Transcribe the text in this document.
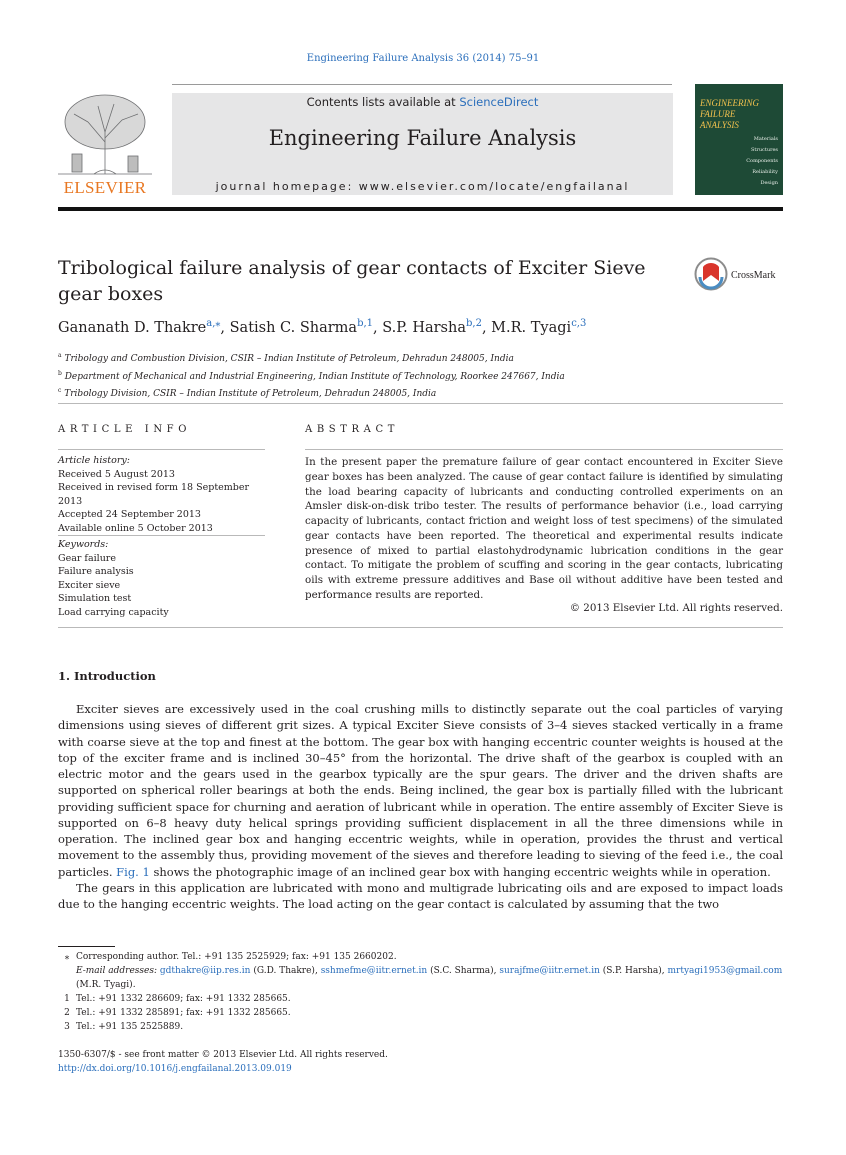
Engineering Failure Analysis 36 (2014) 75–91
ELSEVIER
Contents lists available at ScienceDirect
Engineering Failure Analysis
journal homepage: www.elsevier.com/locate/engfailanal
ENGINEERING
FAILURE
ANALYSIS
Materials
Structures
Components
Reliability
Design
Tribological failure analysis of gear contacts of Exciter Sieve gear boxes
CrossMark
Gananath D. Thakre$^{a,⁎}$, Satish C. Sharma$^{b,1}$, S.P. Harsha$^{b,2}$, M.R. Tyagi$^{c,3}$
$^a$ Tribology and Combustion Division, CSIR – Indian Institute of Petroleum, Dehradun 248005, India
$^b$ Department of Mechanical and Industrial Engineering, Indian Institute of Technology, Roorkee 247667, India
$^c$ Tribology Division, CSIR – Indian Institute of Petroleum, Dehradun 248005, India
ARTICLE INFO
Article history:
Received 5 August 2013
Received in revised form 18 September 2013
Accepted 24 September 2013
Available online 5 October 2013
Keywords:
Gear failure
Failure analysis
Exciter sieve
Simulation test
Load carrying capacity
ABSTRACT
In the present paper the premature failure of gear contact encountered in Exciter Sieve gear boxes has been analyzed. The cause of gear contact failure is identified by simulating the load bearing capacity of lubricants and conducting controlled experiments on an Amsler disk-on-disk tribo tester. The results of performance behavior (i.e., load carrying capacity of lubricants, contact friction and weight loss of test specimens) of the simulated gear contacts have been reported. The theoretical and experimental results indicate presence of mixed to partial elastohydrodynamic lubrication conditions in the gear contact. To mitigate the problem of scuffing and scoring in the gear contacts, lubricating oils with extreme pressure additives and Base oil without additive have been tested and performance results are reported.
© 2013 Elsevier Ltd. All rights reserved.
1. Introduction

Exciter sieves are excessively used in the coal crushing mills to distinctly separate out the coal particles of varying dimensions using sieves of different grit sizes. A typical Exciter Sieve consists of 3–4 sieves stacked vertically in a frame with coarse sieve at the top and finest at the bottom. The gear box with hanging eccentric counter weights is housed at the top of the exciter frame and is inclined 30–45° from the horizontal. The drive shaft of the gearbox is coupled with an electric motor and the gears used in the gearbox typically are the spur gears. The driver and the driven shafts are supported on spherical roller bearings at both the ends. Being inclined, the gear box is partially filled with the lubricant providing sufficient space for churning and aeration of lubricant while in operation. The entire assembly of Exciter Sieve is supported on 6–8 heavy duty helical springs providing sufficient displacement in all the three dimensions while in operation. The inclined gear box and hanging eccentric weights, while in operation, provides the thrust and vertical movement to the assembly thus, providing movement of the sieves and therefore leading to sieving of the feed i.e., the coal particles. Fig. 1 shows the photographic image of an inclined gear box with hanging eccentric weights while in operation.

The gears in this application are lubricated with mono and multigrade lubricating oils and are exposed to impact loads due to the hanging eccentric weights. The load acting on the gear contact is calculated by assuming that the two

⁎ Corresponding author. Tel.: +91 135 2525929; fax: +91 135 2660202.
E-mail addresses: gdthakre@iip.res.in (G.D. Thakre), sshmefme@iitr.ernet.in (S.C. Sharma), surajfme@iitr.ernet.in (S.P. Harsha), mrtyagi1953@gmail.com (M.R. Tyagi).
1 Tel.: +91 1332 286609; fax: +91 1332 285665.
2 Tel.: +91 1332 285891; fax: +91 1332 285665.
3 Tel.: +91 135 2525889.
1350-6307/$ - see front matter © 2013 Elsevier Ltd. All rights reserved.
http://dx.doi.org/10.1016/j.engfailanal.2013.09.019
